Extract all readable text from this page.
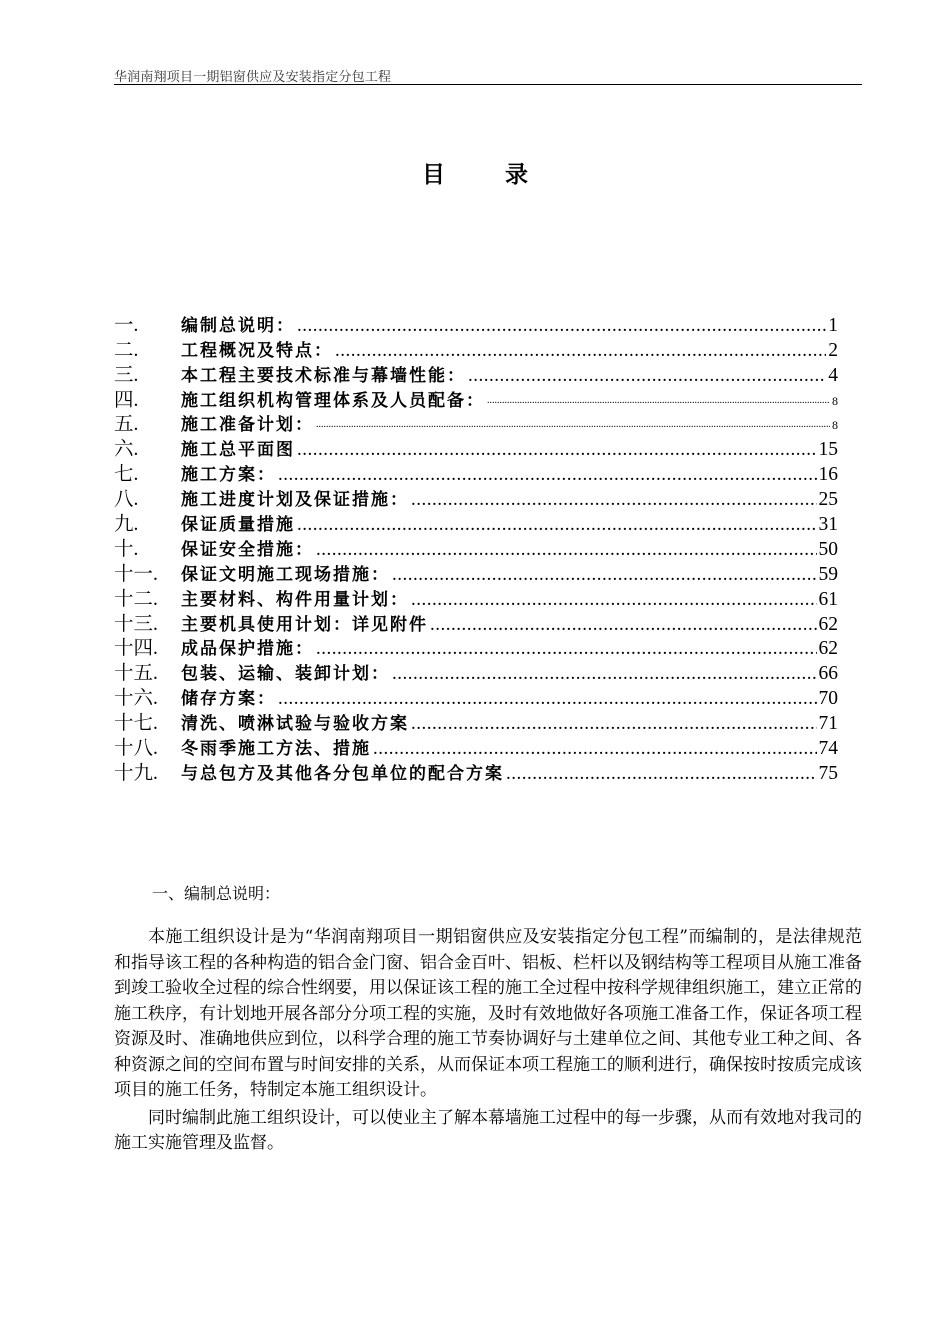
华润南翔项目一期铝窗供应及安装指定分包工程
目 录
一.	编制总说明： .....	1
二.	工程概况及特点： .....	2
三.	本工程主要技术标准与幕墙性能： .....	4
四.	施工组织机构管理体系及人员配备： .....	8
五.	施工准备计划： .....	8
六.	施工总平面图 .....	15
七.	施工方案： .....	16
八.	施工进度计划及保证措施： .....	25
九.	保证质量措施 .....	31
十.	保证安全措施： .....	50
十一.	保证文明施工现场措施： .....	59
十二.	主要材料、构件用量计划： .....	61
十三.	主要机具使用计划：详见附件 .....	62
十四.	成品保护措施： .....	62
十五.	包装、运输、装卸计划： .....	66
十六.	储存方案： .....	70
十七.	清洗、喷淋试验与验收方案 .....	71
十八.	冬雨季施工方法、措施 .....	74
十九.	与总包方及其他各分包单位的配合方案 .....	75
一、编制总说明：

本施工组织设计是为“华润南翔项目一期铝窗供应及安装指定分包工程”而编制的，是法律规范和指导该工程的各种构造的铝合金门窗、铝合金百叶、铝板、栏杆以及钢结构等工程项目从施工准备到竣工验收全过程的综合性纲要，用以保证该工程的施工全过程中按科学规律组织施工，建立正常的施工秩序，有计划地开展各部分分项工程的实施，及时有效地做好各项施工准备工作，保证各项工程资源及时、准确地供应到位，以科学合理的施工节奏协调好与土建单位之间、其他专业工种之间、各种资源之间的空间布置与时间安排的关系，从而保证本项工程施工的顺利进行，确保按时按质完成该项目的施工任务，特制定本施工组织设计。

同时编制此施工组织设计，可以使业主了解本幕墙施工过程中的每一步骤，从而有效地对我司的施工实施管理及监督。
